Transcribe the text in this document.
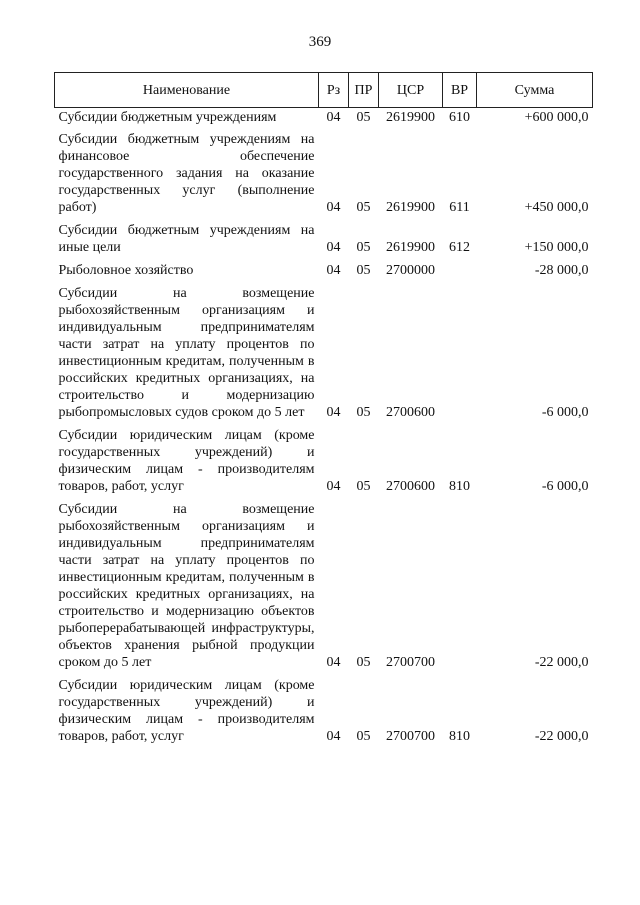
369
Наименование	Рз	ПР	ЦСР	ВР	Сумма
Субсидии бюджетным учреждениям	04	05	2619900	610	+600 000,0
Субсидии бюджетным учреждениям на финансовое обеспечение государственного задания на оказание государственных услуг (выполнение работ)	04	05	2619900	611	+450 000,0
Субсидии бюджетным учреждениям на иные цели	04	05	2619900	612	+150 000,0
Рыболовное хозяйство	04	05	2700000		-28 000,0
Субсидии на возмещение рыбохозяйственным организациям и индивидуальным предпринимателям части затрат на уплату процентов по инвестиционным кредитам, полученным в российских кредитных организациях, на строительство и модернизацию рыбопромысловых судов сроком до 5 лет	04	05	2700600		-6 000,0
Субсидии юридическим лицам (кроме государственных учреждений) и физическим лицам - производителям товаров, работ, услуг	04	05	2700600	810	-6 000,0
Субсидии на возмещение рыбохозяйственным организациям и индивидуальным предпринимателям части затрат на уплату процентов по инвестиционным кредитам, полученным в российских кредитных организациях, на строительство и модернизацию объектов рыбоперерабатывающей инфраструктуры, объектов хранения рыбной продукции сроком до 5 лет	04	05	2700700		-22 000,0
Субсидии юридическим лицам (кроме государственных учреждений) и физическим лицам - производителям товаров, работ, услуг	04	05	2700700	810	-22 000,0
